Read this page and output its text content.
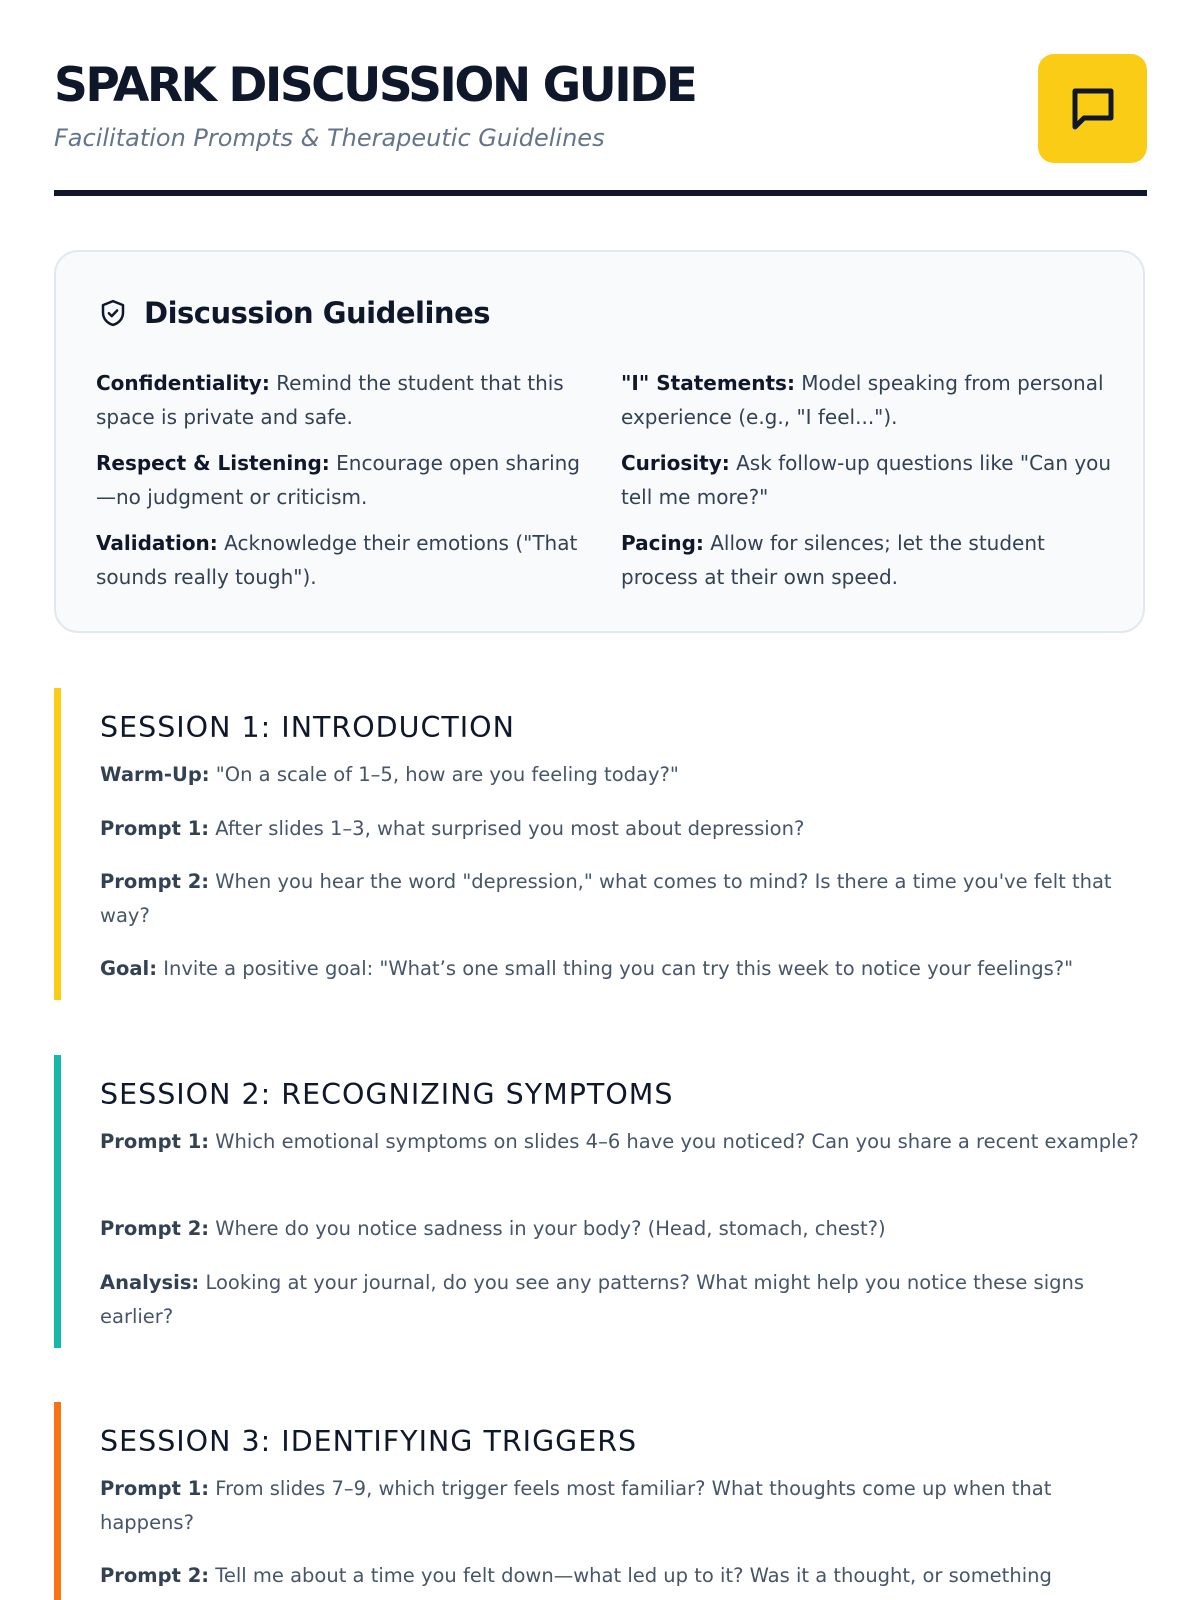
SPARK DISCUSSION GUIDE

Facilitation Prompts & Therapeutic Guidelines

Discussion Guidelines
Confidentiality: Remind the student that this space is private and safe.
"I" Statements: Model speaking from personal experience (e.g., "I feel...").
Respect & Listening: Encourage open sharing—no judgment or criticism.
Curiosity: Ask follow-up questions like "Can you tell me more?"
Validation: Acknowledge their emotions ("That sounds really tough").
Pacing: Allow for silences; let the student process at their own speed.
SESSION 1: INTRODUCTION

Warm-Up: "On a scale of 1–5, how are you feeling today?"

Prompt 1: After slides 1–3, what surprised you most about depression?

Prompt 2: When you hear the word "depression," what comes to mind? Is there a time you've felt that way?

Goal: Invite a positive goal: "What’s one small thing you can try this week to notice your feelings?"

SESSION 2: RECOGNIZING SYMPTOMS

Prompt 1: Which emotional symptoms on slides 4–6 have you noticed? Can you share a recent example?

Prompt 2: Where do you notice sadness in your body? (Head, stomach, chest?)

Analysis: Looking at your journal, do you see any patterns? What might help you notice these signs earlier?

SESSION 3: IDENTIFYING TRIGGERS

Prompt 1: From slides 7–9, which trigger feels most familiar? What thoughts come up when that happens?

Prompt 2: Tell me about a time you felt down—what led up to it? Was it a thought, or something
